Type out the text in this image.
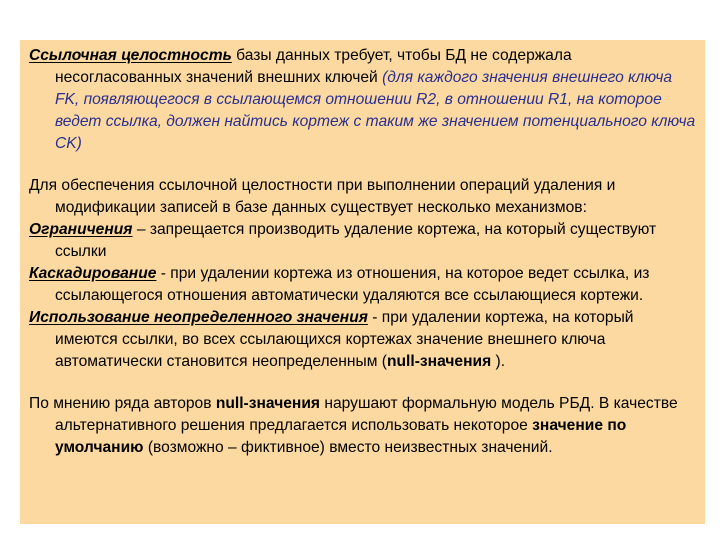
Ссылочная целостность базы данных требует, чтобы БД не содержала несогласованных значений внешних ключей (для каждого значения внешнего ключа FK, появляющегося в ссылающемся отношении R2, в отношении R1, на которое ведет ссылка, должен найтись кортеж с таким же значением потенциального ключа CK)

Для обеспечения ссылочной целостности при выполнении операций удаления и модификации записей в базе данных существует несколько механизмов:

Ограничения – запрещается производить удаление кортежа, на который существуют ссылки

Каскадирование - при удалении кортежа из отношения, на которое ведет ссылка, из ссылающегося отношения автоматически удаляются все ссылающиеся кортежи.

Использование неопределенного значения - при удалении кортежа, на который имеются ссылки, во всех ссылающихся кортежах значение внешнего ключа автоматически становится неопределенным (null-значения ).

По мнению ряда авторов null-значения нарушают формальную модель РБД. В качестве альтернативного решения предлагается использовать некоторое значение по умолчанию (возможно – фиктивное) вместо неизвестных значений.
